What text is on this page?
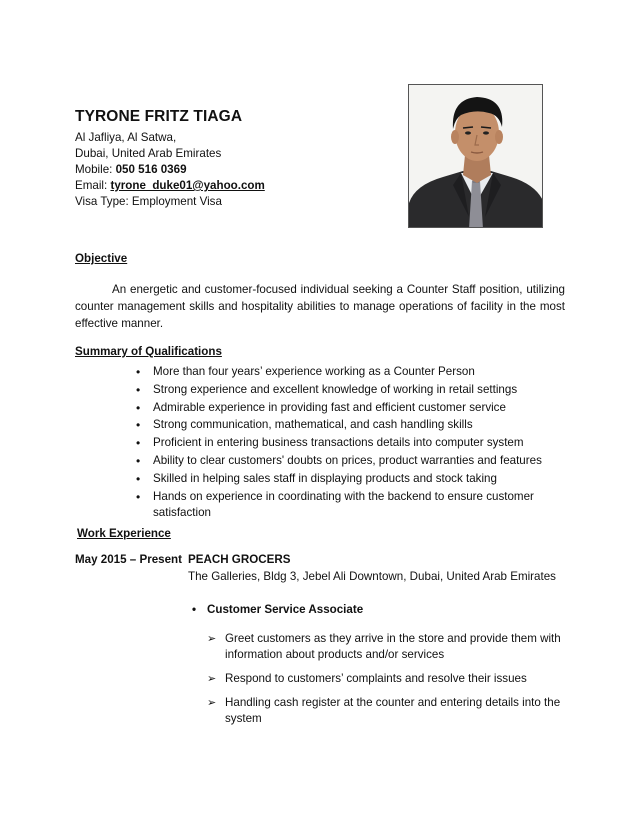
TYRONE FRITZ TIAGA
Al Jafliya, Al Satwa,
Dubai, United Arab Emirates
Mobile: 050 516 0369
Email: tyrone_duke01@yahoo.com
Visa Type: Employment Visa
Objective
An energetic and customer-focused individual seeking a Counter Staff position, utilizing counter management skills and hospitality abilities to manage operations of facility in the most effective manner.
Summary of Qualifications
• More than four years’ experience working as a Counter Person
• Strong experience and excellent knowledge of working in retail settings
• Admirable experience in providing fast and efficient customer service
• Strong communication, mathematical, and cash handling skills
• Proficient in entering business transactions details into computer system
• Ability to clear customers' doubts on prices, product warranties and features
• Skilled in helping sales staff in displaying products and stock taking
• Hands on experience in coordinating with the backend to ensure customer satisfaction
Work Experience
May 2015 – Present PEACH GROCERS
The Galleries, Bldg 3, Jebel Ali Downtown, Dubai, United Arab Emirates
• Customer Service Associate
➢ Greet customers as they arrive in the store and provide them with information about products and/or services
➢ Respond to customers’ complaints and resolve their issues
➢ Handling cash register at the counter and entering details into the system
